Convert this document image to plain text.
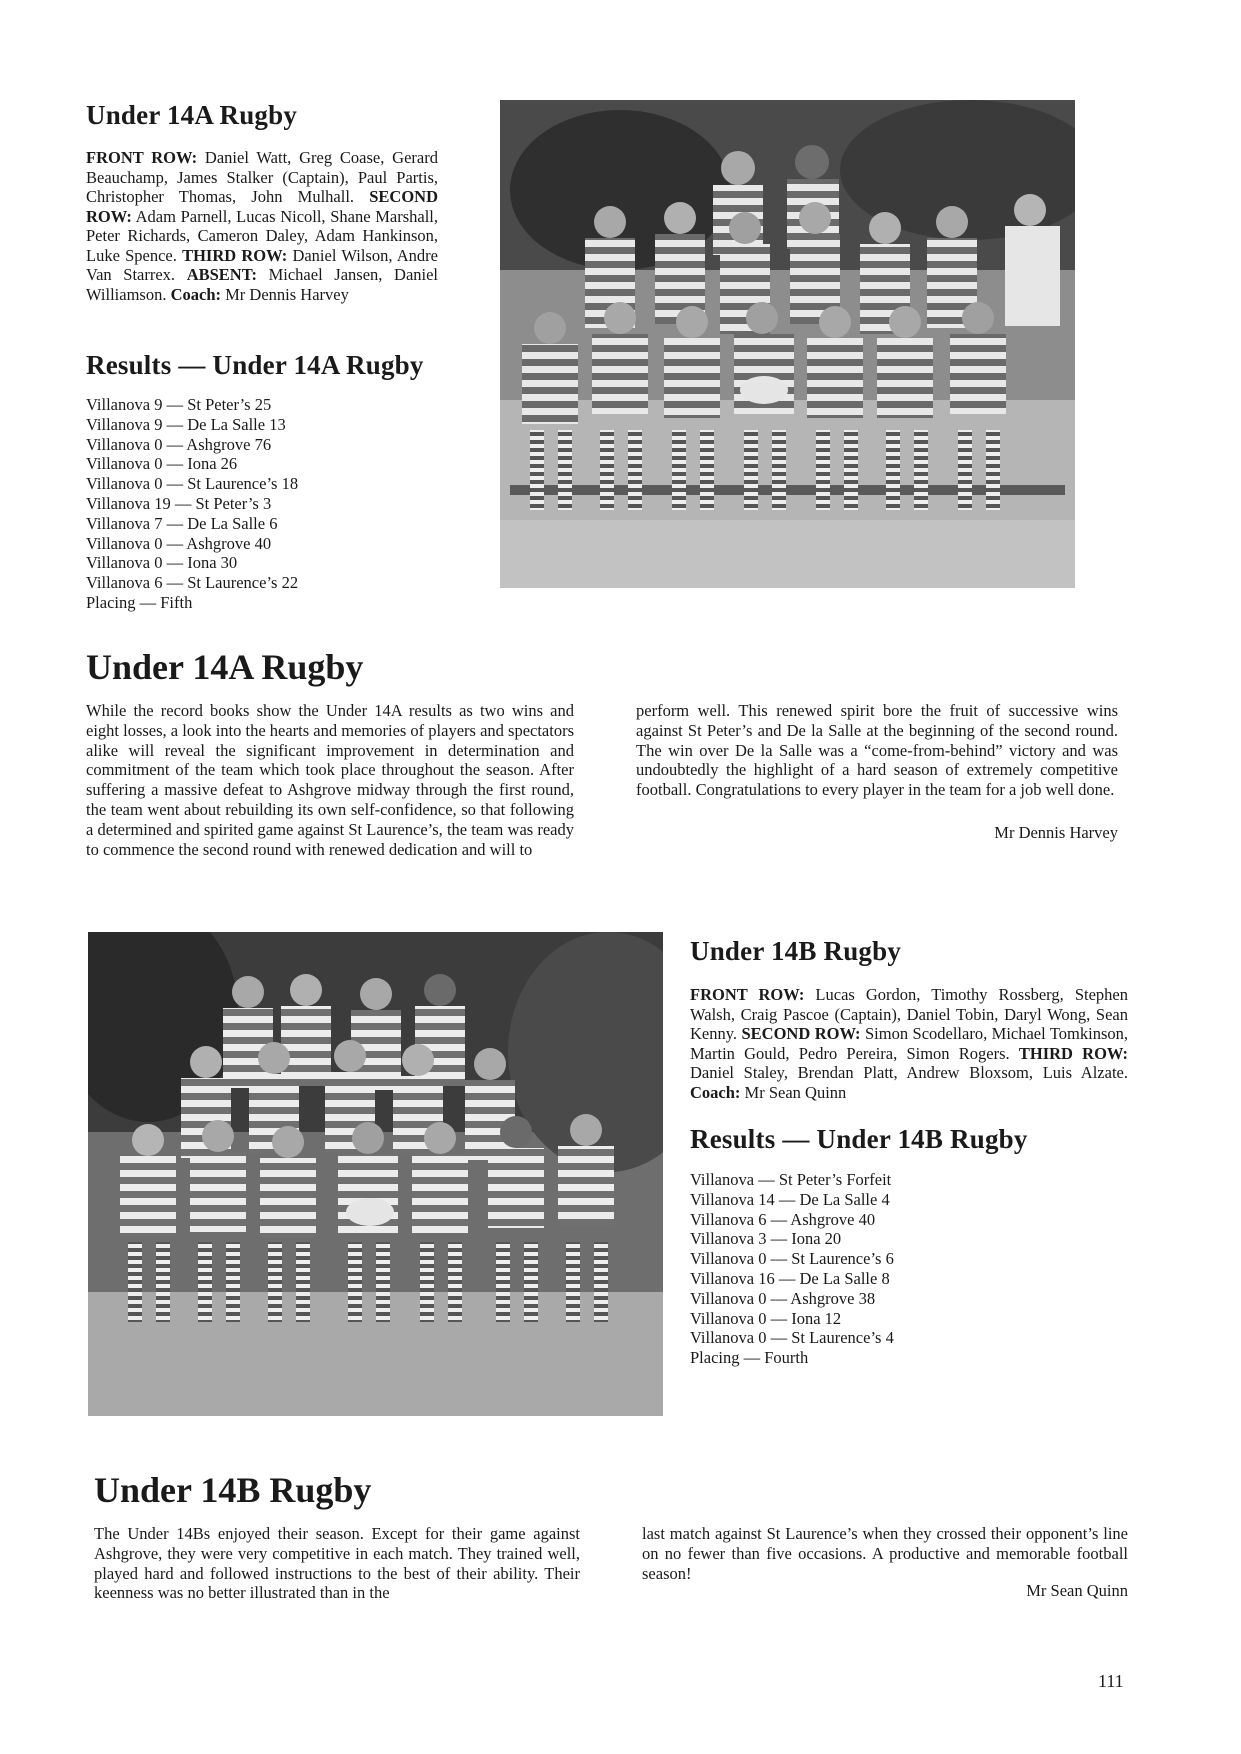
Under 14A Rugby
FRONT ROW: Daniel Watt, Greg Coase, Gerard Beauchamp, James Stalker (Captain), Paul Partis, Christopher Thomas, John Mulhall. SECOND ROW: Adam Parnell, Lucas Nicoll, Shane Marshall, Peter Richards, Cameron Daley, Adam Hankinson, Luke Spence. THIRD ROW: Daniel Wilson, Andre Van Starrex. ABSENT: Michael Jansen, Daniel Williamson. Coach: Mr Dennis Harvey
Results — Under 14A Rugby
Villanova 9 — St Peter’s 25
Villanova 9 — De La Salle 13
Villanova 0 — Ashgrove 76
Villanova 0 — Iona 26
Villanova 0 — St Laurence’s 18
Villanova 19 — St Peter’s 3
Villanova 7 — De La Salle 6
Villanova 0 — Ashgrove 40
Villanova 0 — Iona 30
Villanova 6 — St Laurence’s 22
Placing — Fifth
Under 14A Rugby
While the record books show the Under 14A results as two wins and eight losses, a look into the hearts and memories of players and spectators alike will reveal the significant improvement in determination and commitment of the team which took place throughout the season. After suffering a massive defeat to Ashgrove midway through the first round, the team went about rebuilding its own self-confidence, so that following a determined and spirited game against St Laurence’s, the team was ready to commence the second round with renewed dedication and will to
perform well. This renewed spirit bore the fruit of successive wins against St Peter’s and De la Salle at the beginning of the second round. The win over De la Salle was a “come-from-behind” victory and was undoubtedly the highlight of a hard season of extremely competitive football. Congratulations to every player in the team for a job well done.
Mr Dennis Harvey
Under 14B Rugby
FRONT ROW: Lucas Gordon, Timothy Rossberg, Stephen Walsh, Craig Pascoe (Captain), Daniel Tobin, Daryl Wong, Sean Kenny. SECOND ROW: Simon Scodellaro, Michael Tomkinson, Martin Gould, Pedro Pereira, Simon Rogers. THIRD ROW: Daniel Staley, Brendan Platt, Andrew Bloxsom, Luis Alzate. Coach: Mr Sean Quinn
Results — Under 14B Rugby
Villanova — St Peter’s Forfeit
Villanova 14 — De La Salle 4
Villanova 6 — Ashgrove 40
Villanova 3 — Iona 20
Villanova 0 — St Laurence’s 6
Villanova 16 — De La Salle 8
Villanova 0 — Ashgrove 38
Villanova 0 — Iona 12
Villanova 0 — St Laurence’s 4
Placing — Fourth
Under 14B Rugby
The Under 14Bs enjoyed their season. Except for their game against Ashgrove, they were very competitive in each match. They trained well, played hard and followed instructions to the best of their ability. Their keenness was no better illustrated than in the
last match against St Laurence’s when they crossed their opponent’s line on no fewer than five occasions. A productive and memorable football season!
Mr Sean Quinn
111
